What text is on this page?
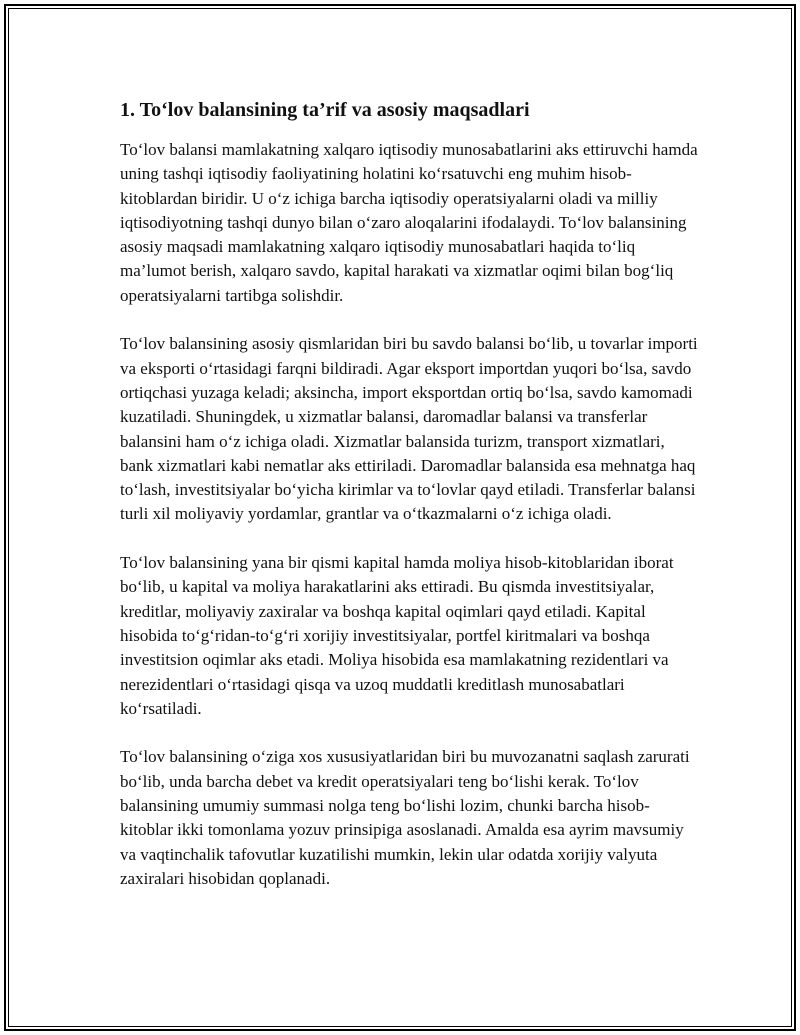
1. To‘lov balansining ta’rif va asosiy maqsadlari

To‘lov balansi mamlakatning xalqaro iqtisodiy munosabatlarini aks ettiruvchi hamda uning tashqi iqtisodiy faoliyatining holatini ko‘rsatuvchi eng muhim hisob-kitoblardan biridir. U o‘z ichiga barcha iqtisodiy operatsiyalarni oladi va milliy iqtisodiyotning tashqi dunyo bilan o‘zaro aloqalarini ifodalaydi. To‘lov balansining asosiy maqsadi mamlakatning xalqaro iqtisodiy munosabatlari haqida to‘liq ma’lumot berish, xalqaro savdo, kapital harakati va xizmatlar oqimi bilan bog‘liq operatsiyalarni tartibga solishdir.

To‘lov balansining asosiy qismlaridan biri bu savdo balansi bo‘lib, u tovarlar importi va eksporti o‘rtasidagi farqni bildiradi. Agar eksport importdan yuqori bo‘lsa, savdo ortiqchasi yuzaga keladi; aksincha, import eksportdan ortiq bo‘lsa, savdo kamomadi kuzatiladi. Shuningdek, u xizmatlar balansi, daromadlar balansi va transferlar balansini ham o‘z ichiga oladi. Xizmatlar balansida turizm, transport xizmatlari, bank xizmatlari kabi nematlar aks ettiriladi. Daromadlar balansida esa mehnatga haq to‘lash, investitsiyalar bo‘yicha kirimlar va to‘lovlar qayd etiladi. Transferlar balansi turli xil moliyaviy yordamlar, grantlar va o‘tkazmalarni o‘z ichiga oladi.

To‘lov balansining yana bir qismi kapital hamda moliya hisob-kitoblaridan iborat bo‘lib, u kapital va moliya harakatlarini aks ettiradi. Bu qismda investitsiyalar, kreditlar, moliyaviy zaxiralar va boshqa kapital oqimlari qayd etiladi. Kapital hisobida to‘g‘ridan-to‘g‘ri xorijiy investitsiyalar, portfel kiritmalari va boshqa investitsion oqimlar aks etadi. Moliya hisobida esa mamlakatning rezidentlari va nerezidentlari o‘rtasidagi qisqa va uzoq muddatli kreditlash munosabatlari ko‘rsatiladi.

To‘lov balansining o‘ziga xos xususiyatlaridan biri bu muvozanatni saqlash zarurati bo‘lib, unda barcha debet va kredit operatsiyalari teng bo‘lishi kerak. To‘lov balansining umumiy summasi nolga teng bo‘lishi lozim, chunki barcha hisob-kitoblar ikki tomonlama yozuv prinsipiga asoslanadi. Amalda esa ayrim mavsumiy va vaqtinchalik tafovutlar kuzatilishi mumkin, lekin ular odatda xorijiy valyuta zaxiralari hisobidan qoplanadi.
